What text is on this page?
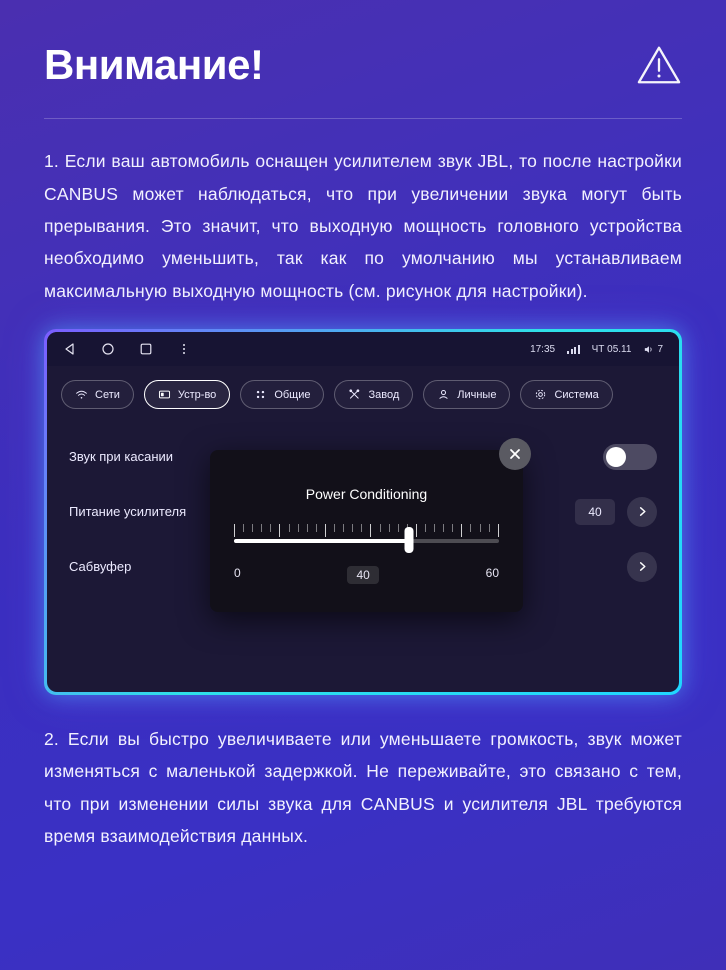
Внимание!
1. Если ваш автомобиль оснащен усилителем звук JBL, то после настройки CANBUS может наблюдаться, что при увеличении звука могут быть прерывания. Это значит, что выходную мощность головного устройства необходимо уменьшить, так как по умолчанию мы устанавливаем максимальную выходную мощность (см. рисунок для настройки).
17:35	ЧТ 05.11	7
Сети	Устр-во	Общие	Завод	Личные	Система
Звук при касании
Питание усилителя	40
Сабвуфер
Power Conditioning
0	40	60
2. Если вы быстро увеличиваете или уменьшаете громкость, звук может изменяться с маленькой задержкой. Не переживайте, это связано с тем, что при изменении силы звука для CANBUS и усилителя JBL требуются время взаимодействия данных.
